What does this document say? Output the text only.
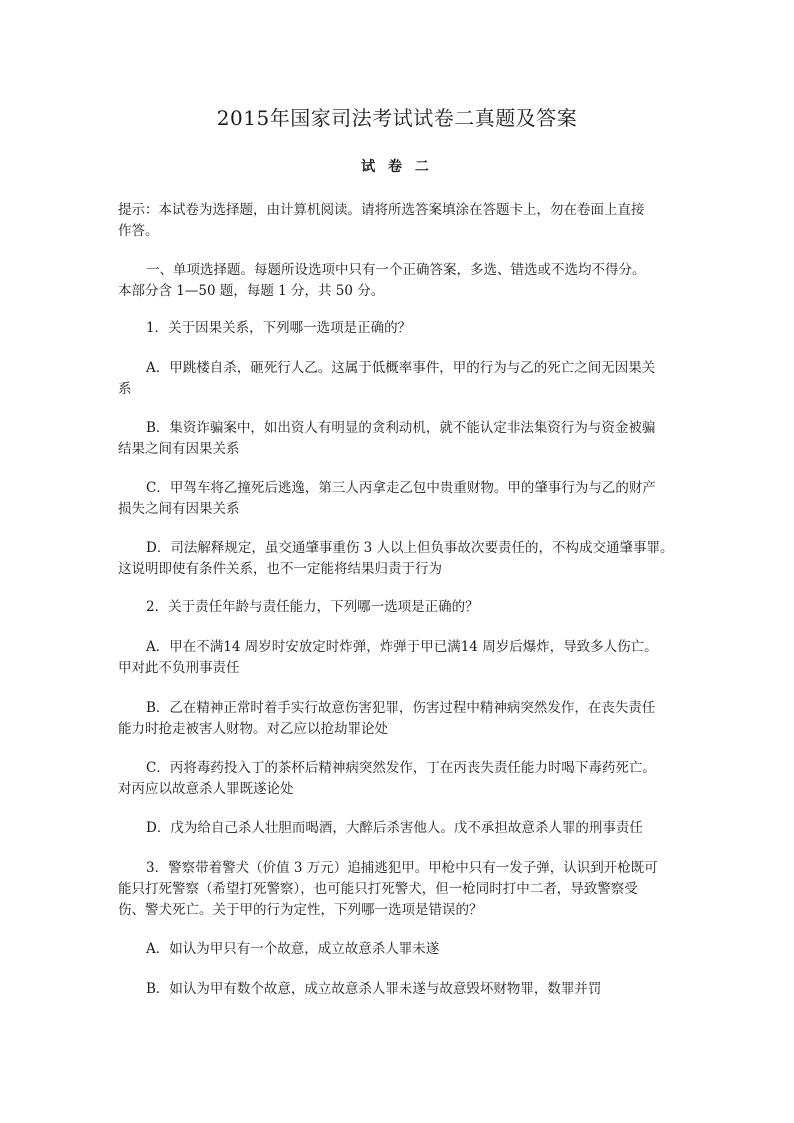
2015年国家司法考试试卷二真题及答案
试 卷 二
提示：本试卷为选择题，由计算机阅读。请将所选答案填涂在答题卡上，勿在卷面上直接
作答。
一、单项选择题。每题所设选项中只有一个正确答案，多选、错选或不选均不得分。
本部分含 1—50 题，每题 1 分，共 50 分。
1．关于因果关系，下列哪一选项是正确的？
A．甲跳楼自杀，砸死行人乙。这属于低概率事件，甲的行为与乙的死亡之间无因果关
系
B．集资诈骗案中，如出资人有明显的贪利动机，就不能认定非法集资行为与资金被骗
结果之间有因果关系
C．甲驾车将乙撞死后逃逸，第三人丙拿走乙包中贵重财物。甲的肇事行为与乙的财产
损失之间有因果关系
D．司法解释规定，虽交通肇事重伤 3 人以上但负事故次要责任的，不构成交通肇事罪。
这说明即使有条件关系，也不一定能将结果归责于行为
2．关于责任年龄与责任能力，下列哪一选项是正确的？
A．甲在不满14 周岁时安放定时炸弹，炸弹于甲已满14 周岁后爆炸，导致多人伤亡。
甲对此不负刑事责任
B．乙在精神正常时着手实行故意伤害犯罪，伤害过程中精神病突然发作，在丧失责任
能力时抢走被害人财物。对乙应以抢劫罪论处
C．丙将毒药投入丁的茶杯后精神病突然发作，丁在丙丧失责任能力时喝下毒药死亡。
对丙应以故意杀人罪既遂论处
D．戊为给自己杀人壮胆而喝酒，大醉后杀害他人。戊不承担故意杀人罪的刑事责任
3．警察带着警犬（价值 3 万元）追捕逃犯甲。甲枪中只有一发子弹，认识到开枪既可
能只打死警察（希望打死警察），也可能只打死警犬，但一枪同时打中二者，导致警察受
伤、警犬死亡。关于甲的行为定性，下列哪一选项是错误的？
A．如认为甲只有一个故意，成立故意杀人罪未遂
B．如认为甲有数个故意，成立故意杀人罪未遂与故意毁坏财物罪，数罪并罚
